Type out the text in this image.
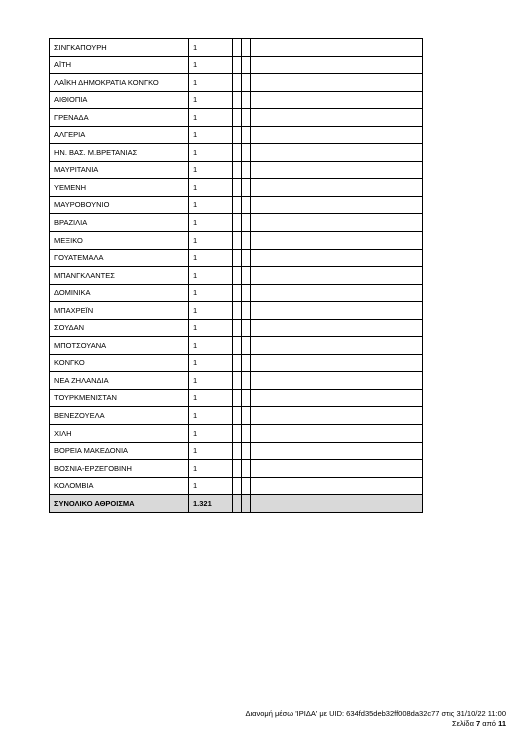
ΣΙΝΓΚΑΠΟΥΡΗ	1			
ΑΪΤΗ	1			
ΛΑΪΚΗ ΔΗΜΟΚΡΑΤΙΑ ΚΟΝΓΚΟ	1			
ΑΙΘΙΟΠΙΑ	1			
ΓΡΕΝΑΔΑ	1			
ΑΛΓΕΡΙΑ	1			
ΗΝ. ΒΑΣ. Μ.ΒΡΕΤΑΝΙΑΣ	1			
ΜΑΥΡΙΤΑΝΙΑ	1			
ΥΕΜΕΝΗ	1			
ΜΑΥΡΟΒΟΥΝΙΟ	1			
ΒΡΑΖΙΛΙΑ	1			
ΜΕΞΙΚΟ	1			
ΓΟΥΑΤΕΜΑΛΑ	1			
ΜΠΑΝΓΚΛΑΝΤΕΣ	1			
ΔΟΜΙΝΙΚΑ	1			
ΜΠΑΧΡΕΪΝ	1			
ΣΟΥΔΑΝ	1			
ΜΠΟΤΣΟΥΑΝΑ	1			
ΚΟΝΓΚΟ	1			
ΝΕΑ ΖΗΛΑΝΔΙΑ	1			
ΤΟΥΡΚΜΕΝΙΣΤΑΝ	1			
ΒΕΝΕΖΟΥΕΛΑ	1			
ΧΙΛΗ	1			
ΒΟΡΕΙΑ ΜΑΚΕΔΟΝΙΑ	1			
ΒΟΣΝΙΑ-ΕΡΖΕΓΟΒΙΝΗ	1			
ΚΟΛΟΜΒΙΑ	1			
ΣΥΝΟΛΙΚΟ ΑΘΡΟΙΣΜΑ	1.321			
Διανομή μέσω 'ΙΡΙΔΑ' με UID: 634fd35deb32ff008da32c77 στις 31/10/22 11:00
Σελίδα 7 από 11
